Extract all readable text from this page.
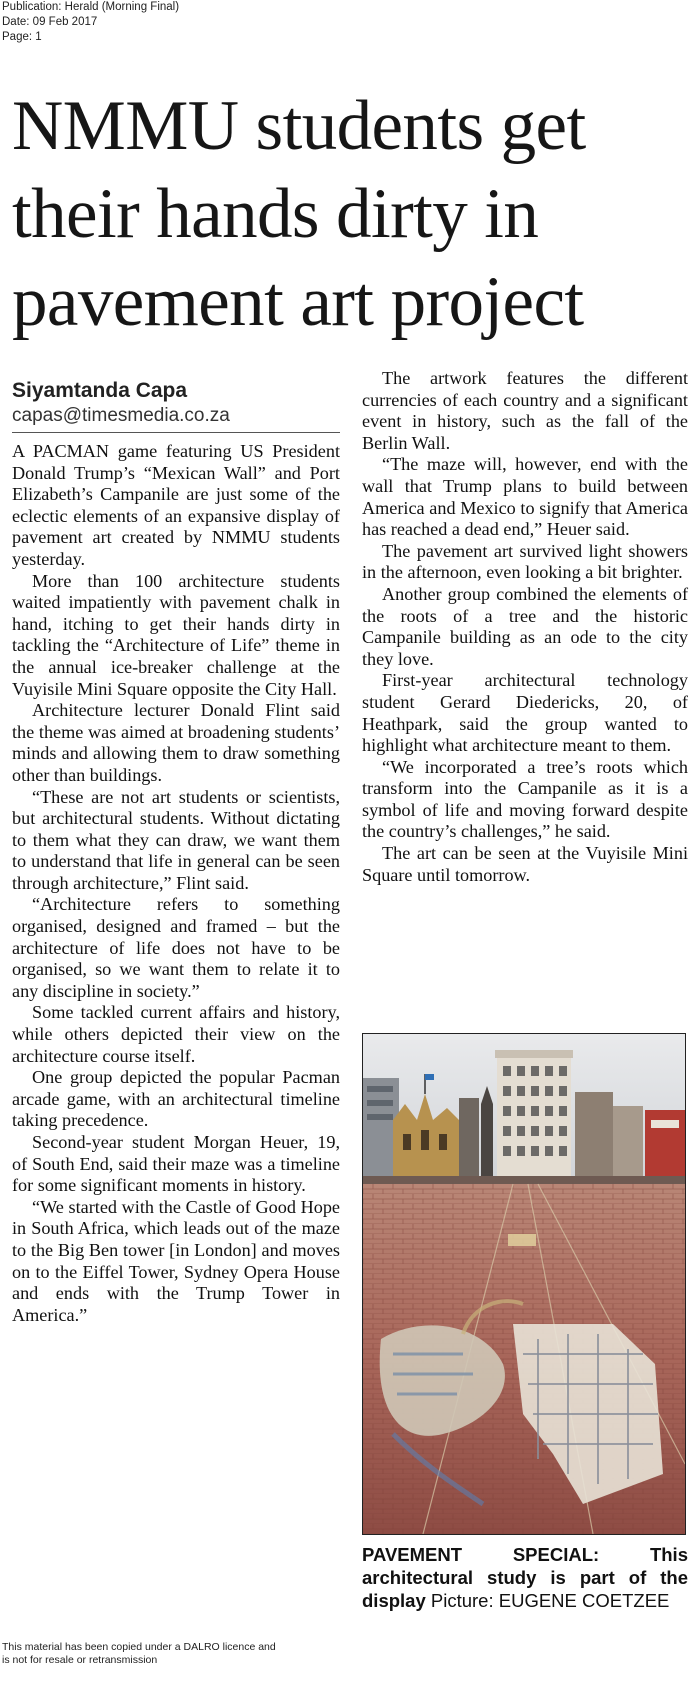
Publication: Herald (Morning Final)
Date: 09 Feb 2017
Page: 1
NMMU students get their hands dirty in pavement art project
Siyamtanda Capa
capas@timesmedia.co.za

A PACMAN game featuring US President Donald Trump’s “Mexican Wall” and Port Elizabeth’s Campanile are just some of the eclectic elements of an expansive display of pavement art created by NMMU students yesterday.

More than 100 architecture students waited impatiently with pavement chalk in hand, itching to get their hands dirty in tackling the “Architecture of Life” theme in the annual ice-breaker challenge at the Vuyisile Mini Square opposite the City Hall.

Architecture lecturer Donald Flint said the theme was aimed at broadening students’ minds and allowing them to draw something other than buildings.

“These are not art students or scientists, but architectural students. Without dictating to them what they can draw, we want them to understand that life in general can be seen through architecture,” Flint said.

“Architecture refers to something organised, designed and framed – but the architecture of life does not have to be organised, so we want them to relate it to any discipline in society.”

Some tackled current affairs and history, while others depicted their view on the architecture course itself.

One group depicted the popular Pacman arcade game, with an architectural timeline taking precedence.

Second-year student Morgan Heuer, 19, of South End, said their maze was a timeline for some significant moments in history.

“We started with the Castle of Good Hope in South Africa, which leads out of the maze to the Big Ben tower [in London] and moves on to the Eiffel Tower, Sydney Opera House and ends with the Trump Tower in America.”

The artwork features the different currencies of each country and a significant event in history, such as the fall of the Berlin Wall.

“The maze will, however, end with the wall that Trump plans to build between America and Mexico to signify that America has reached a dead end,” Heuer said.

The pavement art survived light showers in the afternoon, even looking a bit brighter.

Another group combined the elements of the roots of a tree and the historic Campanile building as an ode to the city they love.

First-year architectural technology student Gerard Diedericks, 20, of Heathpark, said the group wanted to highlight what architecture meant to them.

“We incorporated a tree’s roots which transform into the Campanile as it is a symbol of life and moving forward despite the country’s challenges,” he said.

The art can be seen at the Vuyisile Mini Square until tomorrow.

PAVEMENT SPECIAL: This architectural study is part of the display Picture: EUGENE COETZEE
This material has been copied under a DALRO licence and
is not for resale or retransmission
